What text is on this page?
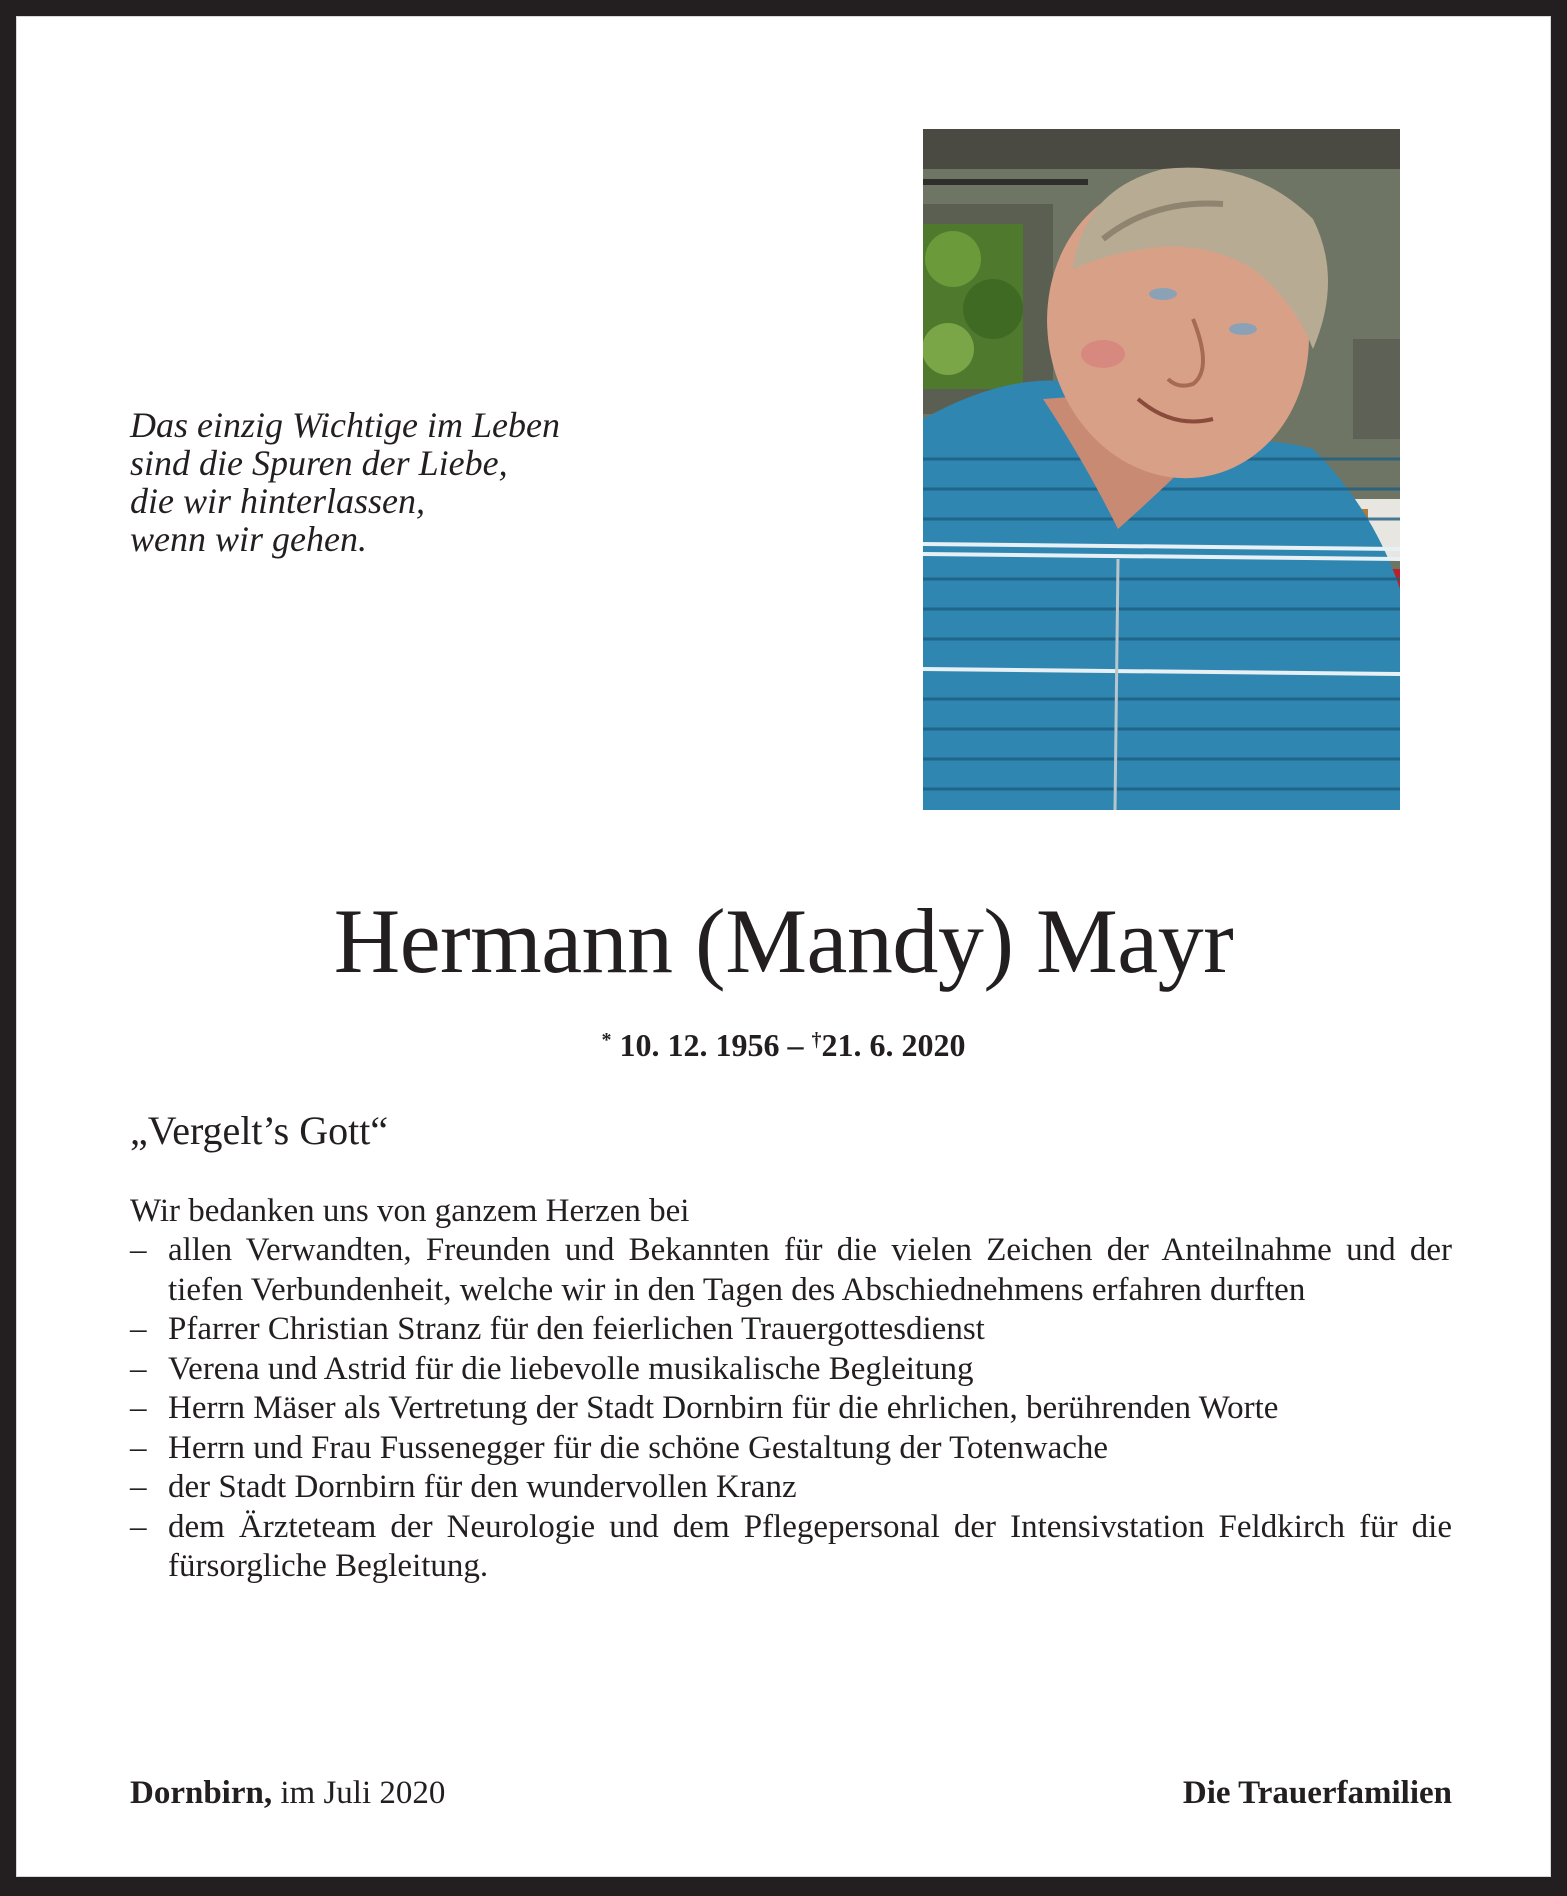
Das einzig Wichtige im Leben
sind die Spuren der Liebe,
die wir hinterlassen,
wenn wir gehen.
Hermann (Mandy) Mayr
* 10. 12. 1956 – †21. 6. 2020
„Vergelt’s Gott“
Wir bedanken uns von ganzem Herzen bei
– allen Verwandten, Freunden und Bekannten für die vielen Zeichen der Anteilnahme und der tiefen Verbundenheit, welche wir in den Tagen des Abschiednehmens erfahren durften
– Pfarrer Christian Stranz für den feierlichen Trauergottesdienst
– Verena und Astrid für die liebevolle musikalische Begleitung
– Herrn Mäser als Vertretung der Stadt Dornbirn für die ehrlichen, berührenden Worte
– Herrn und Frau Fussenegger für die schöne Gestaltung der Totenwache
– der Stadt Dornbirn für den wundervollen Kranz
– dem Ärzteteam der Neurologie und dem Pflegepersonal der Intensivstation Feldkirch für die fürsorgliche Begleitung.
Dornbirn, im Juli 2020	Die Trauerfamilien
